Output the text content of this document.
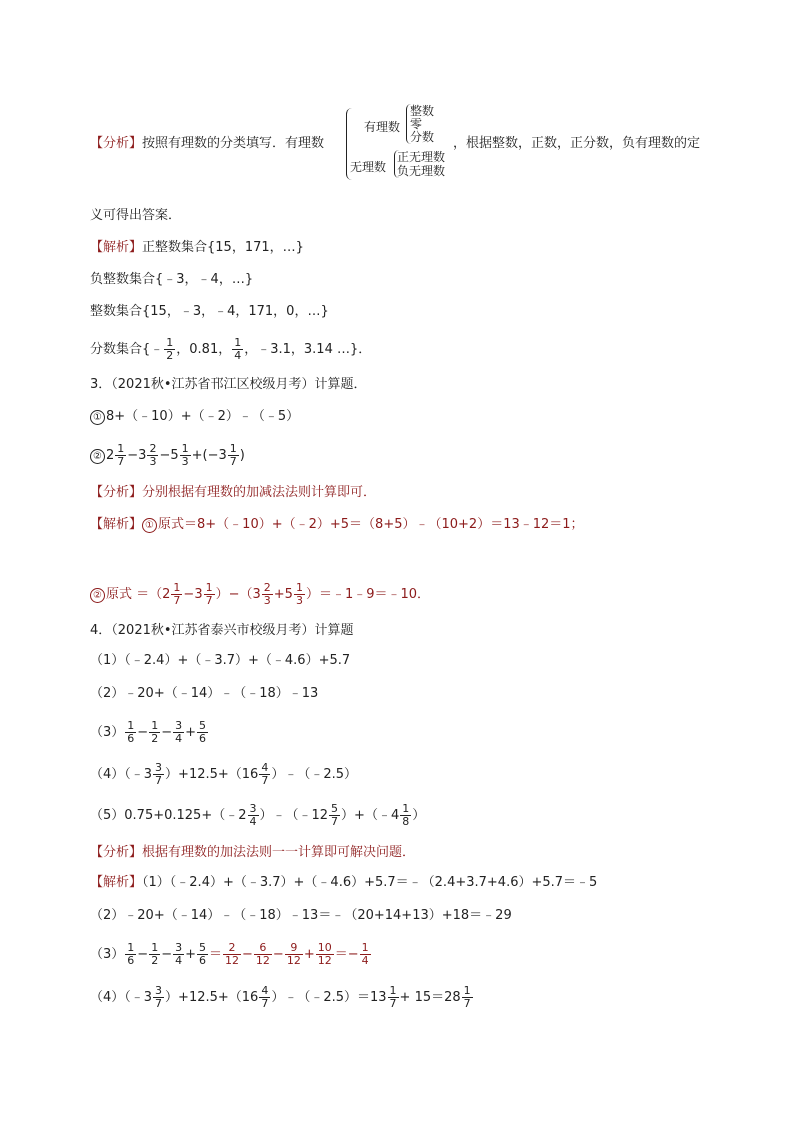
【分析】按照有理数的分类填写．有理数
有理数
整数
零
分数
无理数
正无理数
负无理数
，根据整数，正数，正分数，负有理数的定
义可得出答案．
【解析】正整数集合{15，171，…}
负整数集合{﹣3，﹣4，…}
整数集合{15，﹣3，﹣4，171，0，…}
分数集合{﹣ $\frac{1}{2}$ ，0.81， $\frac{1}{4}$ ，﹣3.1，3.14 …}．
3．（2021秋•江苏省邗江区校级月考）计算题．
① 8+（﹣10）+（﹣2）﹣（﹣5）
② $2 \frac{1}{7} -3 \frac{2}{3} -5 \frac{1}{3} +(-3 \frac{1}{7}$ )
【分析】分别根据有理数的加减法法则计算即可．
【解析】 ① 原式＝8+（﹣10）+（﹣2）+5＝（8+5）﹣（10+2）＝13﹣12＝1；
② 原式 $=(2 \frac{1}{7} -3 \frac{1}{7} )-(3 \frac{2}{3} +5 \frac{1}{3}$ ）＝﹣1﹣9＝﹣10．
4．（2021秋•江苏省泰兴市校级月考）计算题
（1）（﹣2.4）+（﹣3.7）+（﹣4.6）+5.7
（2）﹣20+（﹣14）﹣（﹣18）﹣13
$(3) \frac{1}{6} - \frac{1}{2} - \frac{3}{4} + \frac{5}{6}$
（4）（﹣3 $\frac{3}{7} )+12.5+(16 \frac{4}{7}$ ）﹣（﹣2.5）
（5）0.75+0.125+（﹣2 $\frac{3}{4}$ ）﹣（﹣12 $\frac{5}{7}$ ）+（﹣4 $\frac{1}{8}$ ）
【分析】根据有理数的加法法则一一计算即可解决问题．
【解析】（1）（﹣2.4）+（﹣3.7）+（﹣4.6）+5.7＝﹣（2.4+3.7+4.6）+5.7＝﹣5
（2）﹣20+（﹣14）﹣（﹣18）﹣13＝﹣（20+14+13）+18＝﹣29
$(3) \frac{1}{6} - \frac{1}{2} - \frac{3}{4} + \frac{5}{6} = \frac{2}{12} - \frac{6}{12} - \frac{9}{12} + \frac{10}{12} =- \frac{1}{4}$
（4）（﹣3 $\frac{3}{7} )+12.5+(16 \frac{4}{7}$ ）﹣（﹣2.5）＝13 $\frac{1}{7} + 15=28 \frac{1}{7}$
